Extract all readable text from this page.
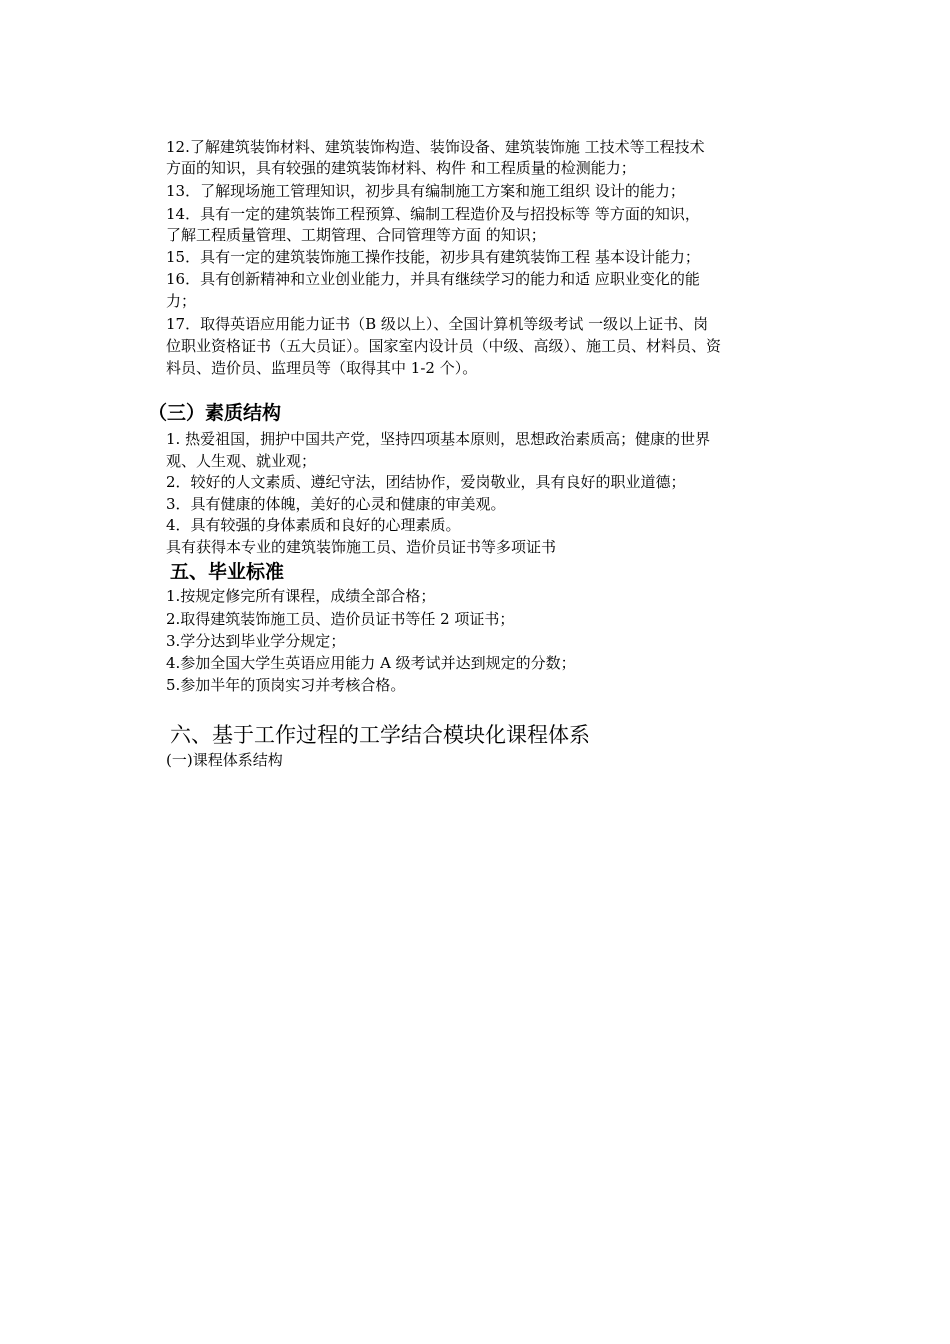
12.了解建筑装饰材料、建筑装饰构造、装饰设备、建筑装饰施 工技术等工程技术
方面的知识，具有较强的建筑装饰材料、构件 和工程质量的检测能力；
13．了解现场施工管理知识，初步具有编制施工方案和施工组织 设计的能力；
14．具有一定的建筑装饰工程预算、编制工程造价及与招投标等 等方面的知识，
了解工程质量管理、工期管理、合同管理等方面 的知识；
15．具有一定的建筑装饰施工操作技能，初步具有建筑装饰工程 基本设计能力；
16．具有创新精神和立业创业能力，并具有继续学习的能力和适 应职业变化的能
力；
17．取得英语应用能力证书（B 级以上）、全国计算机等级考试 一级以上证书、岗
位职业资格证书（五大员证）。国家室内设计员（中级、高级）、施工员、材料员、资
料员、造价员、监理员等（取得其中 1-2 个）。
（三）素质结构
1. 热爱祖国，拥护中国共产党，坚持四项基本原则，思想政治素质高；健康的世界
观、人生观、就业观；
2．较好的人文素质、遵纪守法，团结协作，爱岗敬业，具有良好的职业道德；
3．具有健康的体魄，美好的心灵和健康的审美观。
4．具有较强的身体素质和良好的心理素质。
具有获得本专业的建筑装饰施工员、造价员证书等多项证书
五、毕业标准
1.按规定修完所有课程，成绩全部合格；
2.取得建筑装饰施工员、造价员证书等任 2 项证书；
3.学分达到毕业学分规定；
4.参加全国大学生英语应用能力 A 级考试并达到规定的分数；
5.参加半年的顶岗实习并考核合格。
六、基于工作过程的工学结合模块化课程体系
(一)课程体系结构
